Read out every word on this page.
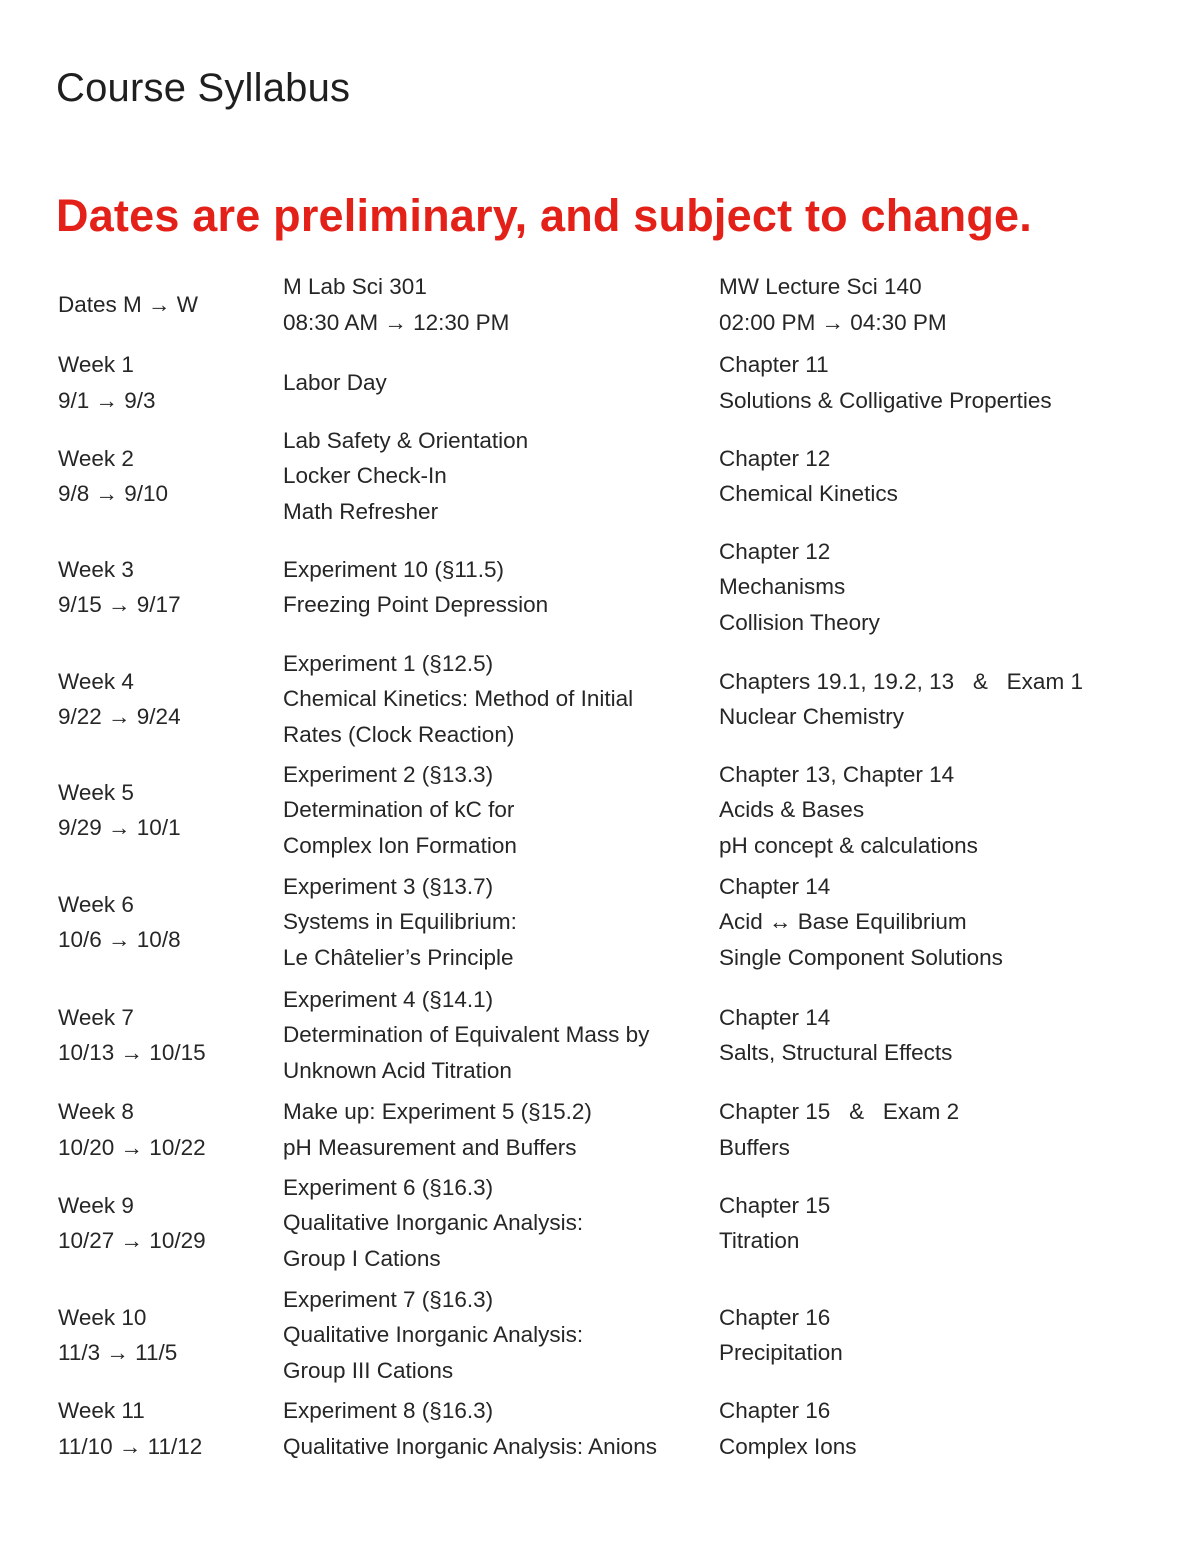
Course Syllabus
Dates are preliminary, and subject to change.
Dates M → W
M Lab Sci 301
08:30 AM → 12:30 PM
MW Lecture Sci 140
02:00 PM → 04:30 PM
Week 1
9/1 → 9/3
Labor Day
Chapter 11
Solutions & Colligative Properties
Week 2
9/8 → 9/10
Lab Safety & Orientation
Locker Check-In
Math Refresher
Chapter 12
Chemical Kinetics
Week 3
9/15 → 9/17
Experiment 10 (§11.5)
Freezing Point Depression
Chapter 12
Mechanisms
Collision Theory
Week 4
9/22 → 9/24
Experiment 1 (§12.5)
Chemical Kinetics: Method of Initial
Rates (Clock Reaction)
Chapters 19.1, 19.2, 13   &   Exam 1
Nuclear Chemistry
Week 5
9/29 → 10/1
Experiment 2 (§13.3)
Determination of kC for
Complex Ion Formation
Chapter 13, Chapter 14
Acids & Bases
pH concept & calculations
Week 6
10/6 → 10/8
Experiment 3 (§13.7)
Systems in Equilibrium:
Le Châtelier’s Principle
Chapter 14
Acid ↔ Base Equilibrium
Single Component Solutions
Week 7
10/13 → 10/15
Experiment 4 (§14.1)
Determination of Equivalent Mass by
Unknown Acid Titration
Chapter 14
Salts, Structural Effects
Week 8
10/20 → 10/22
Make up: Experiment 5 (§15.2)
pH Measurement and Buffers
Chapter 15   &   Exam 2
Buffers
Week 9
10/27 → 10/29
Experiment 6 (§16.3)
Qualitative Inorganic Analysis:
Group I Cations
Chapter 15
Titration
Week 10
11/3 → 11/5
Experiment 7 (§16.3)
Qualitative Inorganic Analysis:
Group III Cations
Chapter 16
Precipitation
Week 11
11/10 → 11/12
Experiment 8 (§16.3)
Qualitative Inorganic Analysis: Anions
Chapter 16
Complex Ions
